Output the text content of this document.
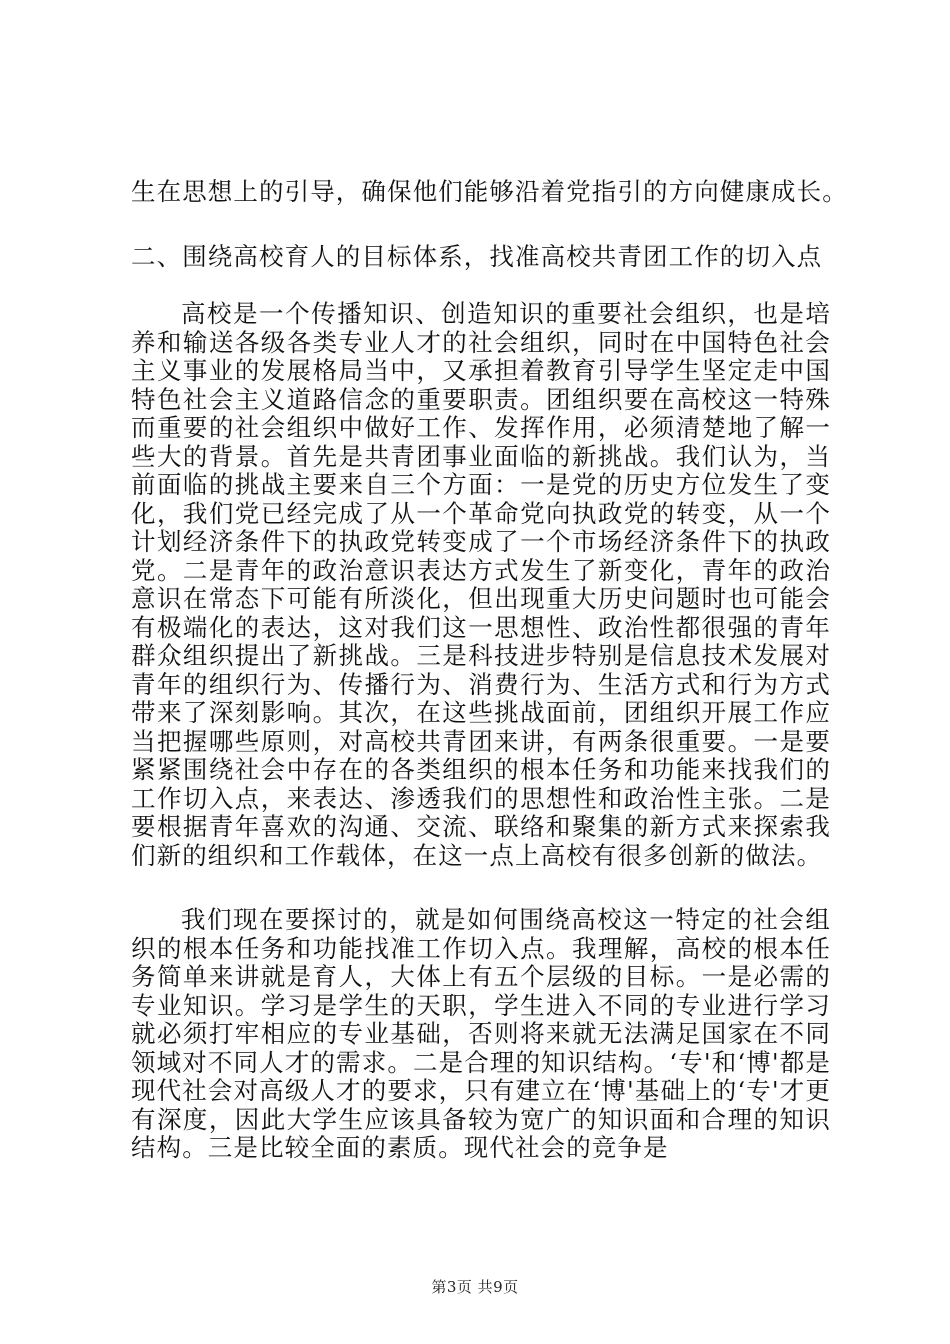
生在思想上的引导，确保他们能够沿着党指引的方向健康成长。

二、围绕高校育人的目标体系，找准高校共青团工作的切入点

高校是一个传播知识、创造知识的重要社会组织，也是培养和输送各级各类专业人才的社会组织，同时在中国特色社会主义事业的发展格局当中，又承担着教育引导学生坚定走中国特色社会主义道路信念的重要职责。团组织要在高校这一特殊而重要的社会组织中做好工作、发挥作用，必须清楚地了解一些大的背景。首先是共青团事业面临的新挑战。我们认为，当前面临的挑战主要来自三个方面：一是党的历史方位发生了变化，我们党已经完成了从一个革命党向执政党的转变，从一个计划经济条件下的执政党转变成了一个市场经济条件下的执政党。二是青年的政治意识表达方式发生了新变化，青年的政治意识在常态下可能有所淡化，但出现重大历史问题时也可能会有极端化的表达，这对我们这一思想性、政治性都很强的青年群众组织提出了新挑战。三是科技进步特别是信息技术发展对青年的组织行为、传播行为、消费行为、生活方式和行为方式带来了深刻影响。其次，在这些挑战面前，团组织开展工作应当把握哪些原则，对高校共青团来讲，有两条很重要。一是要紧紧围绕社会中存在的各类组织的根本任务和功能来找我们的工作切入点，来表达、渗透我们的思想性和政治性主张。二是要根据青年喜欢的沟通、交流、联络和聚集的新方式来探索我们新的组织和工作载体，在这一点上高校有很多创新的做法。

我们现在要探讨的，就是如何围绕高校这一特定的社会组织的根本任务和功能找准工作切入点。我理解，高校的根本任务简单来讲就是育人，大体上有五个层级的目标。一是必需的专业知识。学习是学生的天职，学生进入不同的专业进行学习就必须打牢相应的专业基础，否则将来就无法满足国家在不同领域对不同人才的需求。二是合理的知识结构。‘专'和‘博'都是现代社会对高级人才的要求，只有建立在‘博'基础上的‘专'才更有深度，因此大学生应该具备较为宽广的知识面和合理的知识结构。三是比较全面的素质。现代社会的竞争是

第3页 共9页
